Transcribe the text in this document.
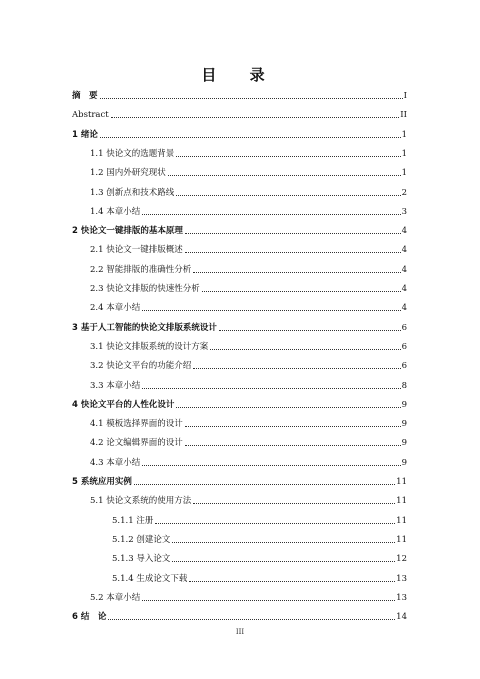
目 录
摘　要	I
Abstract	II
1 绪论	1
1.1 快论文的选题背景	1
1.2 国内外研究现状	1
1.3 创新点和技术路线	2
1.4 本章小结	3
2 快论文一键排版的基本原理	4
2.1 快论文一键排版概述	4
2.2 智能排版的准确性分析	4
2.3 快论文排版的快速性分析	4
2.4 本章小结	4
3 基于人工智能的快论文排版系统设计	6
3.1 快论文排版系统的设计方案	6
3.2 快论文平台的功能介绍	6
3.3 本章小结	8
4 快论文平台的人性化设计	9
4.1 模板选择界面的设计	9
4.2 论文编辑界面的设计	9
4.3 本章小结	9
5 系统应用实例	11
5.1 快论文系统的使用方法	11
5.1.1 注册	11
5.1.2 创建论文	11
5.1.3 导入论文	12
5.1.4 生成论文下载	13
5.2 本章小结	13
6 结　论	14
III
